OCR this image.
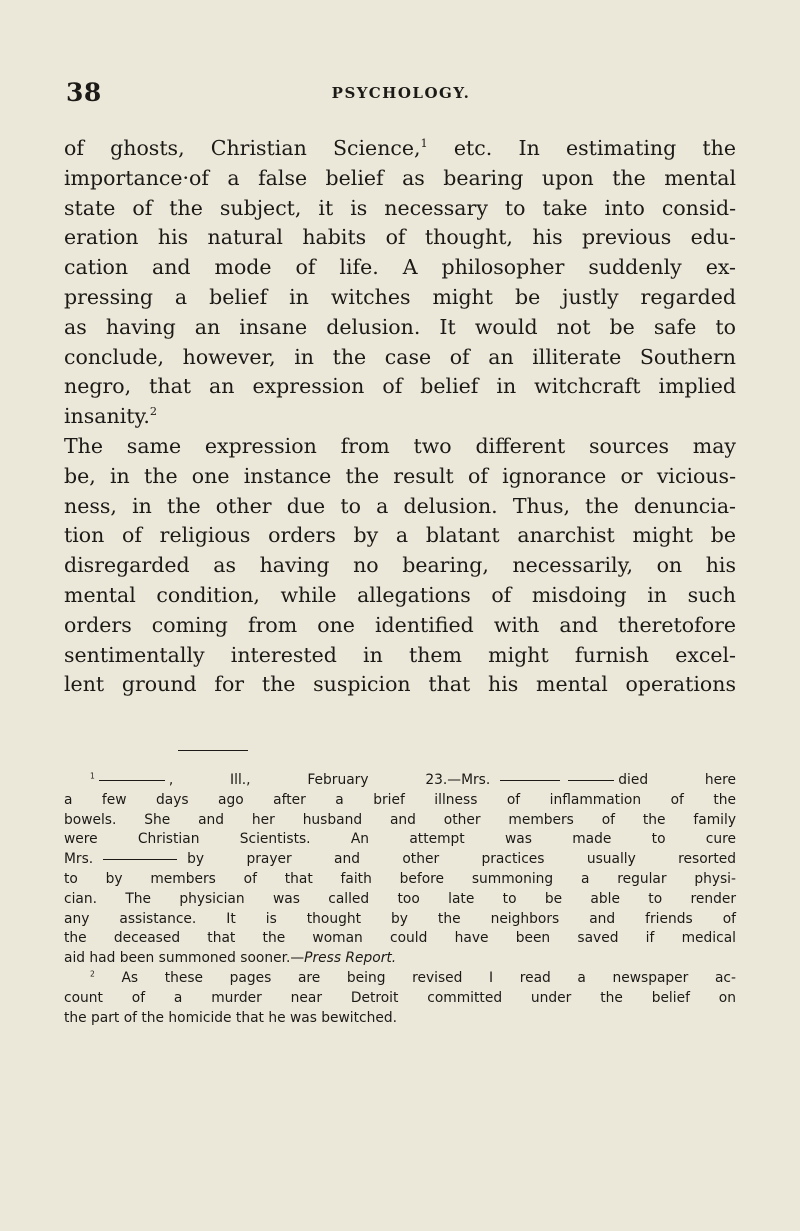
38	PSYCHOLOGY.
of ghosts, Christian Science,$^1$ etc. In estimating the
importance·of a false belief as bearing upon the mental
state of the subject, it is necessary to take into consid-
eration his natural habits of thought, his previous edu-
cation and mode of life. A philosopher suddenly ex-
pressing a belief in witches might be justly regarded
as having an insane delusion. It would not be safe to
conclude, however, in the case of an illiterate Southern
negro, that an expression of belief in witchcraft implied
insanity.$^2$
The same expression from two different sources may
be, in the one instance the result of ignorance or vicious-
ness, in the other due to a delusion. Thus, the denuncia-
tion of religious orders by a blatant anarchist might be
disregarded as having no bearing, necessarily, on his
mental condition, while allegations of misdoing in such
orders coming from one identified with and theretofore
sentimentally interested in them might furnish excel-
lent ground for the suspicion that his mental operations
$^1$	, Ill., February 23.—Mrs.	died here
a few days ago after a brief illness of inflammation of the
bowels. She and her husband and other members of the family
were Christian Scientists. An attempt was made to cure
Mrs.	by prayer and other practices usually resorted
to by members of that faith before summoning a regular physi-
cian. The physician was called too late to be able to render
any assistance. It is thought by the neighbors and friends of
the deceased that the woman could have been saved if medical
aid had been summoned sooner.—Press Report.
$^2$ As these pages are being revised I read a newspaper ac-
count of a murder near Detroit committed under the belief on
the part of the homicide that he was bewitched.
